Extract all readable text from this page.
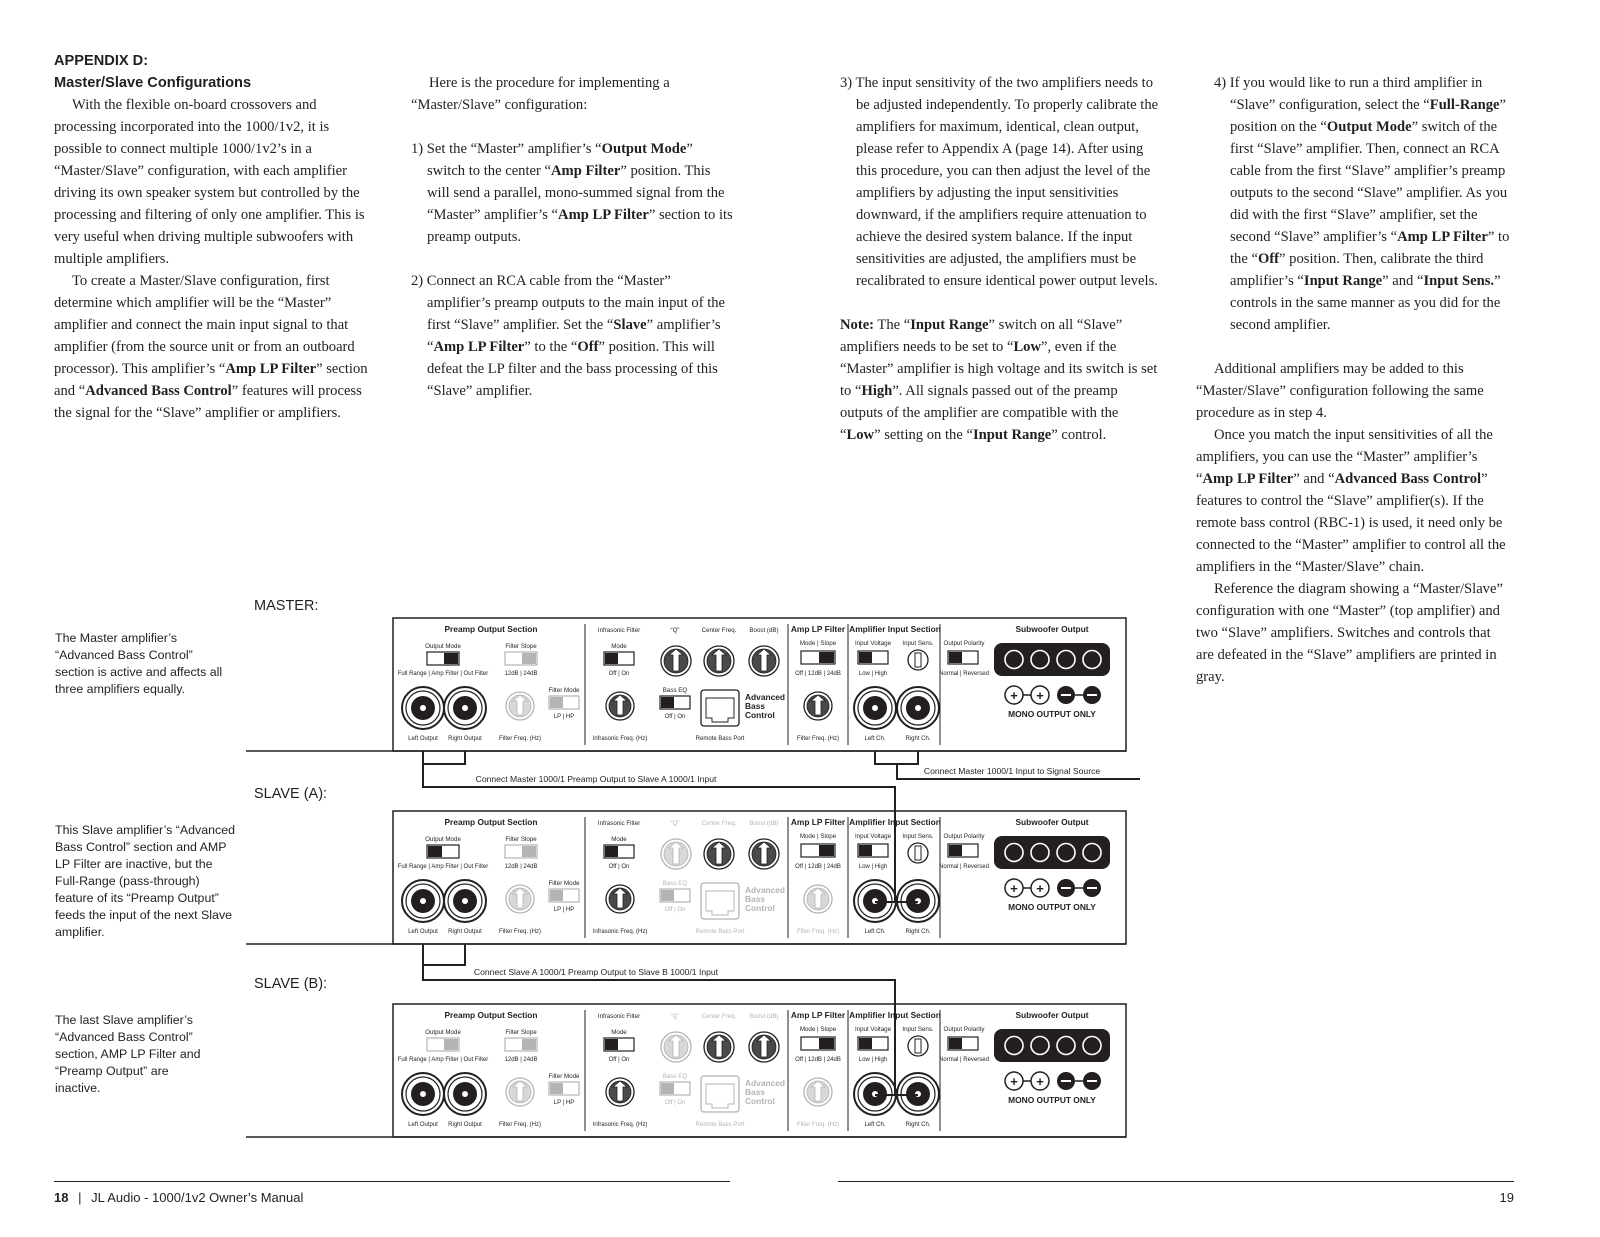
APPENDIX D:

Master/Slave Configurations

With the flexible on-board crossovers and processing incorporated into the 1000/1v2, it is possible to connect multiple 1000/1v2’s in a “Master/Slave” configuration, with each amplifier driving its own speaker system but controlled by the processing and filtering of only one amplifier. This is very useful when driving multiple subwoofers with multiple amplifiers.

To create a Master/Slave configuration, first determine which amplifier will be the “Master” amplifier and connect the main input signal to that amplifier (from the source unit or from an outboard processor). This amplifier’s “Amp LP Filter” section and “Advanced Bass Control” features will process the signal for the “Slave” amplifier or amplifiers.

Here is the procedure for implementing a “Master/Slave” configuration:

1) Set the “Master” amplifier’s “Output Mode” switch to the center “Amp Filter” position. This will send a parallel, mono-summed signal from the “Master” amplifier’s “Amp LP Filter” section to its preamp outputs.

2) Connect an RCA cable from the “Master” amplifier’s preamp outputs to the main input of the first “Slave” amplifier. Set the “Slave” amplifier’s “Amp LP Filter” to the “Off” position. This will defeat the LP filter and the bass processing of this “Slave” amplifier.

3) The input sensitivity of the two amplifiers needs to be adjusted independently. To properly calibrate the amplifiers for maximum, identical, clean output, please refer to Appendix A (page 14). After using this procedure, you can then adjust the level of the amplifiers by adjusting the input sensitivities downward, if the amplifiers require attenuation to achieve the desired system balance. If the input sensitivities are adjusted, the amplifiers must be recalibrated to ensure identical power output levels.

Note: The “Input Range” switch on all “Slave” amplifiers needs to be set to “Low”, even if the “Master” amplifier is high voltage and its switch is set to “High”. All signals passed out of the preamp outputs of the amplifier are compatible with the “Low” setting on the “Input Range” control.

4) If you would like to run a third amplifier in “Slave” configuration, select the “Full-Range” position on the “Output Mode” switch of the first “Slave” amplifier. Then, connect an RCA cable from the first “Slave” amplifier’s preamp outputs to the second “Slave” amplifier. As you did with the first “Slave” amplifier, set the second “Slave” amplifier’s “Amp LP Filter” to the “Off” position. Then, calibrate the third amplifier’s “Input Range” and “Input Sens.” controls in the same manner as you did for the second amplifier.

Additional amplifiers may be added to this “Master/Slave” configuration following the same procedure as in step 4.

Once you match the input sensitivities of all the amplifiers, you can use the “Master” amplifier’s “Amp LP Filter” and “Advanced Bass Control” features to control the “Slave” amplifier(s). If the remote bass control (RBC-1) is used, it need only be connected to the “Master” amplifier to control all the amplifiers in the “Master/Slave” chain.

Reference the diagram showing a “Master/Slave” configuration with one “Master” (top amplifier) and two “Slave” amplifiers. Switches and controls that are defeated in the “Slave” amplifiers are printed in gray.

MASTER:
SLAVE (A):
SLAVE (B):
The Master amplifier’s “Advanced Bass Control” section is active and affects all three amplifiers equally.
This Slave amplifier’s “Advanced Bass Control” section and AMP LP Filter are inactive, but the Full-Range (pass-through) feature of its “Preamp Output” feeds the input of the next Slave amplifier.
The last Slave amplifier’s “Advanced Bass Control” section, AMP LP Filter and “Preamp Output” are inactive.
Preamp Output Section
Output Mode
Full Range | Amp Filter | Out Filter
Filter Slope
12dB | 24dB
Left Output Right Output	Filter Freq. (Hz)
Filter Mode
LP | HP
Infrasonic Filter
Mode
Off | On
Infrasonic Freq. (Hz)
“Q”	Center Freq. Boost (dB)
Bass EQ
Off | On
Advanced
Bass
Control
Remote Bass Port
Amp LP Filter
Mode | Slope
Off | 12dB | 24dB
Filter Freq. (Hz)
Amplifier Input Section
Input Voltage
Low | High
Input Sens.
Left Ch.	Right Ch.
Output Polarity
Normal | Reversed
Subwoofer Output
+ +
MONO OUTPUT ONLY
Preamp Output Section
Output Mode
Full Range | Amp Filter | Out Filter
Filter Slope
12dB | 24dB
Left Output Right Output	Filter Freq. (Hz)
Filter Mode
LP | HP
Infrasonic Filter
Mode
Off | On
Infrasonic Freq. (Hz)
“Q”	Center Freq. Boost (dB)
Bass EQ
Off | On
Advanced
Bass
Control
Remote Bass Port
Amp LP Filter
Mode | Slope
Off | 12dB | 24dB
Filter Freq. (Hz)
Amplifier Input Section
Input Voltage
Low | High
Input Sens.
Left Ch.	Right Ch.
Output Polarity
Normal | Reversed
Subwoofer Output
+ +
MONO OUTPUT ONLY
Preamp Output Section
Output Mode
Full Range | Amp Filter | Out Filter
Filter Slope
12dB | 24dB
Left Output Right Output	Filter Freq. (Hz)
Filter Mode
LP | HP
Infrasonic Filter
Mode
Off | On
Infrasonic Freq. (Hz)
“Q”	Center Freq. Boost (dB)
Bass EQ
Off | On
Advanced
Bass
Control
Remote Bass Port
Amp LP Filter
Mode | Slope
Off | 12dB | 24dB
Filter Freq. (Hz)
Amplifier Input Section
Input Voltage
Low | High
Input Sens.
Left Ch.	Right Ch.
Output Polarity
Normal | Reversed
Subwoofer Output
+ +
MONO OUTPUT ONLY
Connect Master 1000/1 Preamp Output to Slave A 1000/1 Input
Connect Master 1000/1 Input to Signal Source
Connect Slave A 1000/1 Preamp Output to Slave B 1000/1 Input
18 | JL Audio - 1000/1v2 Owner’s Manual	19
